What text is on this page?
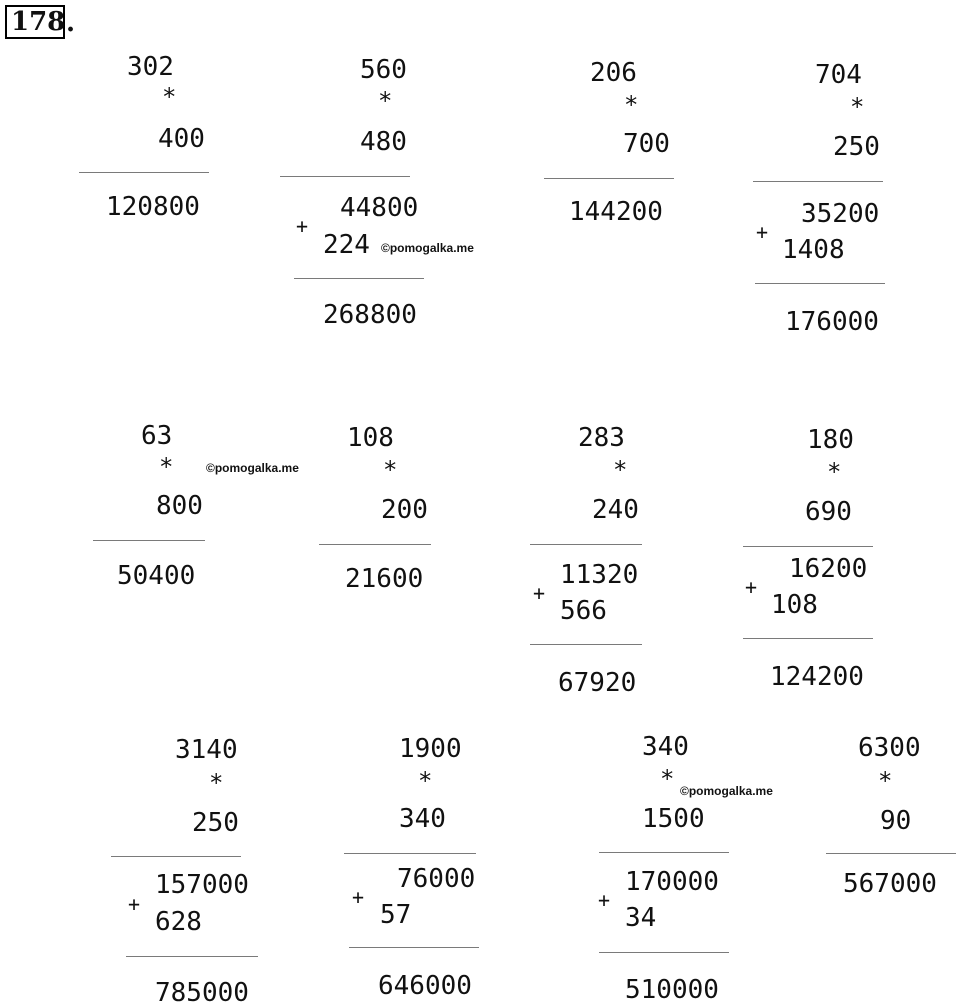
178 .
302
*
400
120800
560
*
480
44800
+
224 ©pomogalka.me
268800
206
*
700
144200
704
*
250
35200
+
1408
176000
63
*	©pomogalka.me
800
50400
108
*
200
21600
283
*
240
11320
+
566
67920
180
*
690
16200
+
108
124200
3140
*
250
157000
+
628
785000
1900
*
340
76000
+
57
646000
340
* ©pomogalka.me
1500
170000
+
34
510000
6300
*
90
567000
